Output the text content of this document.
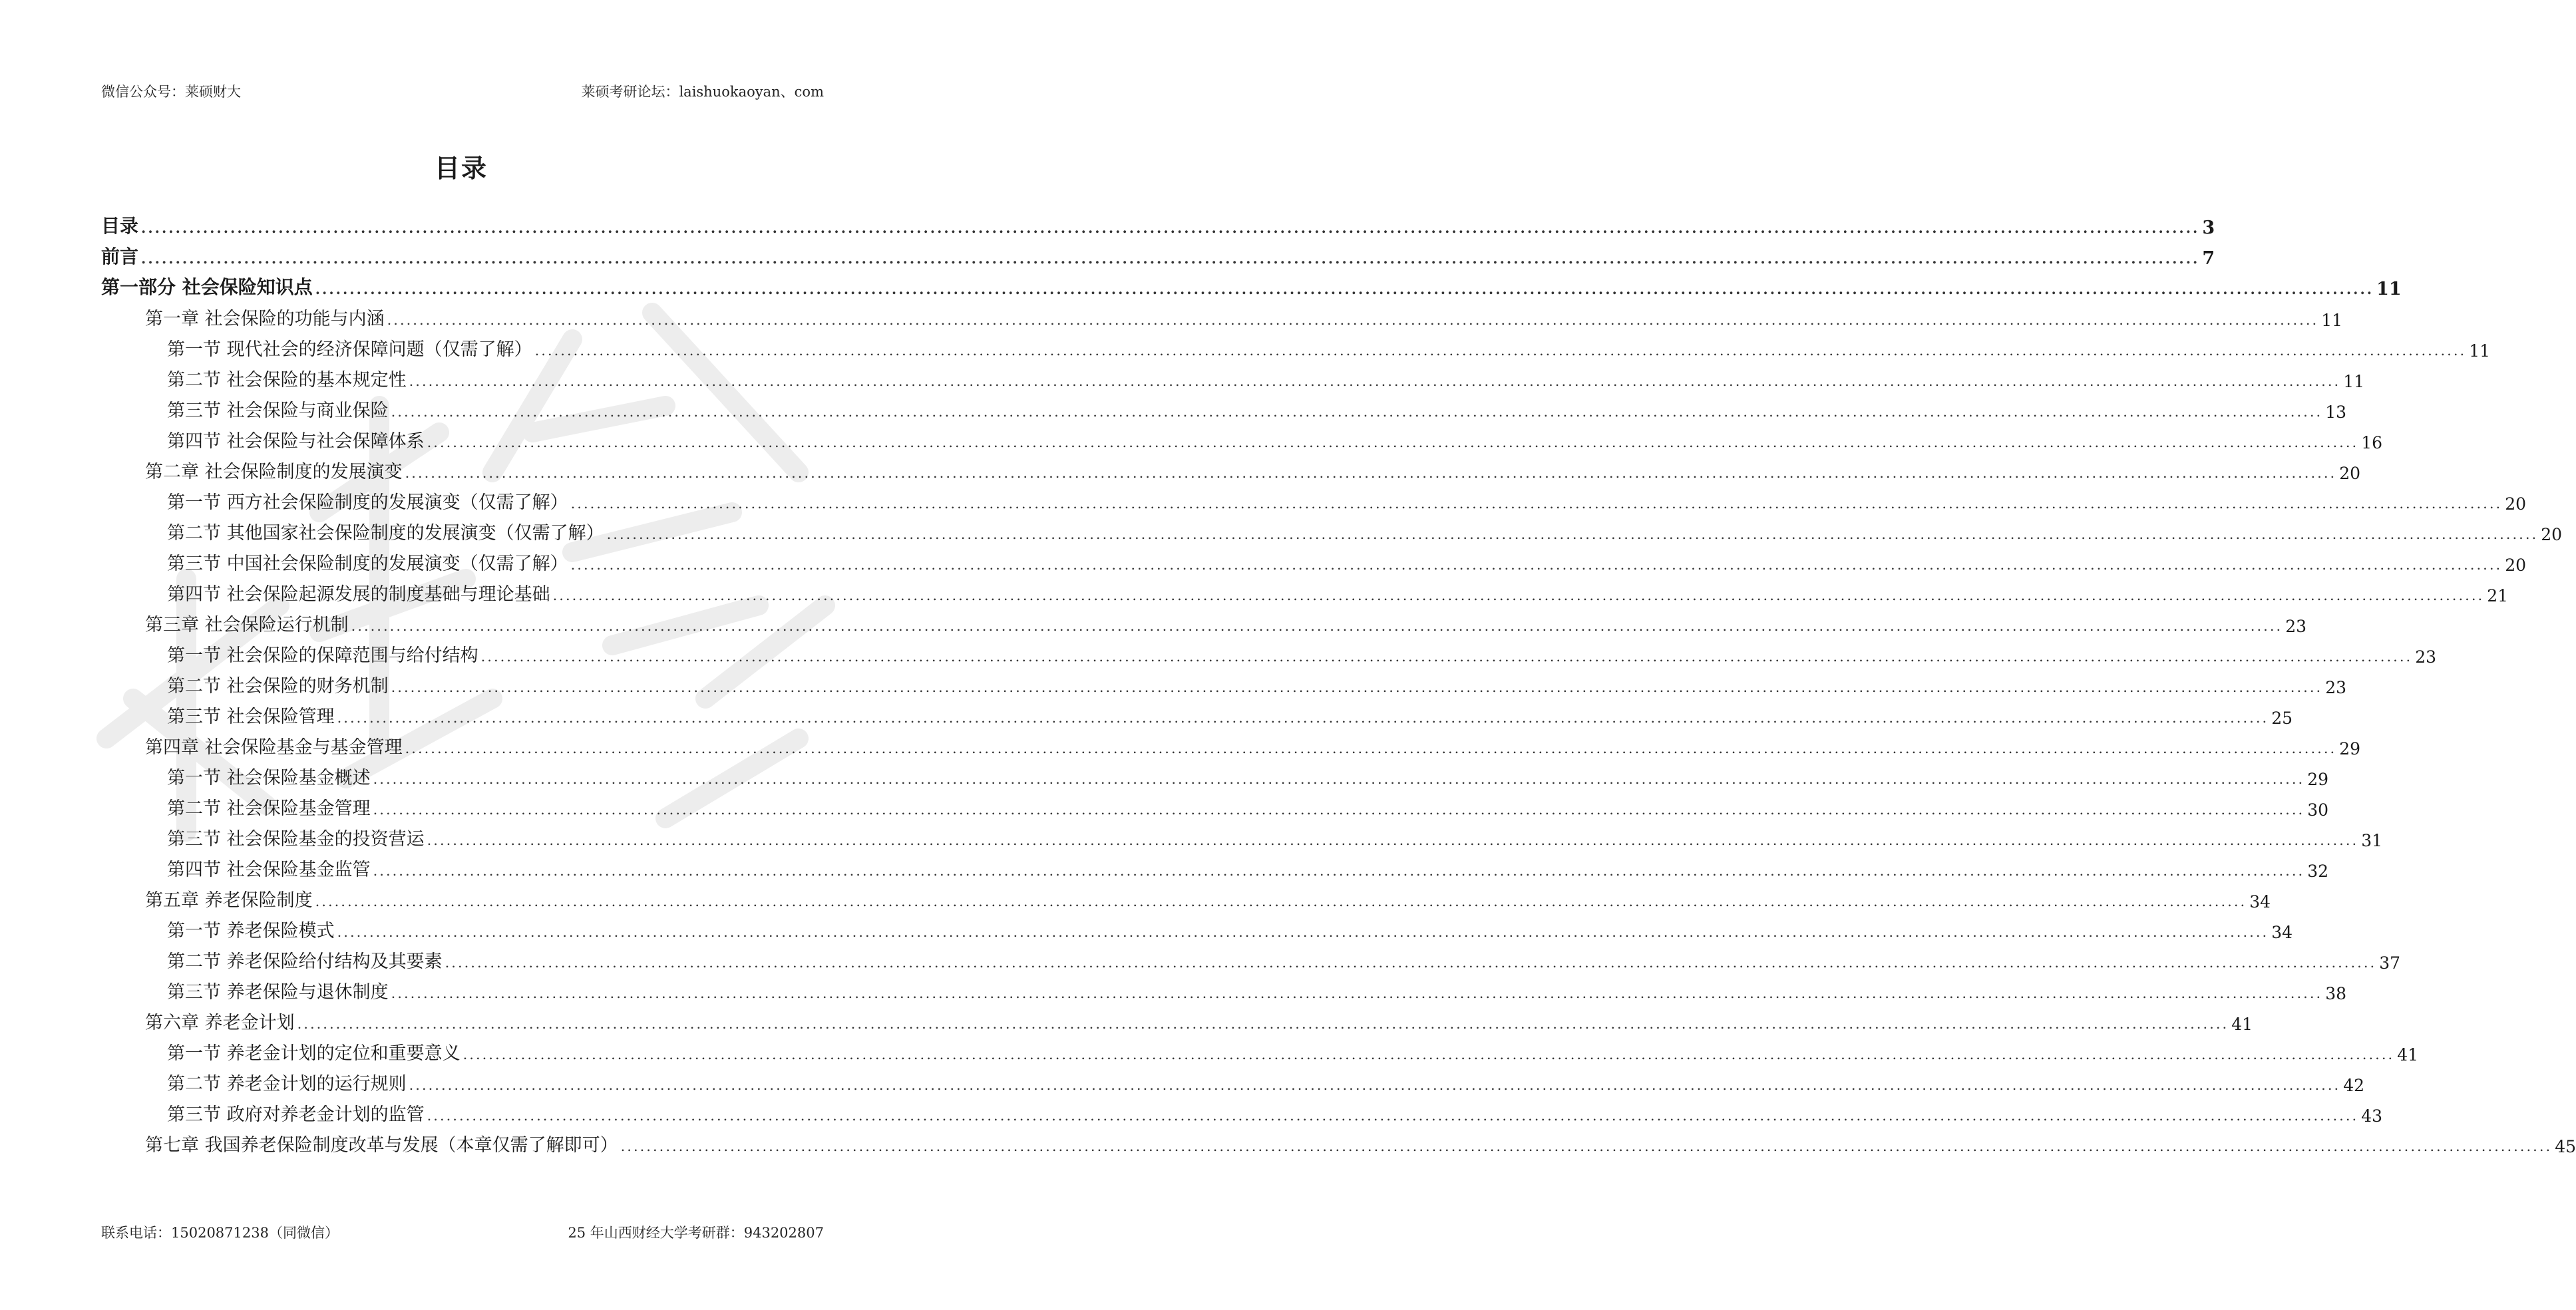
微信公众号：莱硕财大	莱硕考研论坛：laishuokaoyan、com
目录
目录 ............................................................................................................................................................................................................................................................................................................ 3
前言 ............................................................................................................................................................................................................................................................................................................ 7
第一部分 社会保险知识点 ............................................................................................................................................................................................................................................................................................................ 11
第一章 社会保险的功能与内涵 ............................................................................................................................................................................................................................................................................................................ 11
第一节 现代社会的经济保障问题（仅需了解） ............................................................................................................................................................................................................................................................................................................ 11
第二节 社会保险的基本规定性 ............................................................................................................................................................................................................................................................................................................ 11
第三节 社会保险与商业保险 ............................................................................................................................................................................................................................................................................................................ 13
第四节 社会保险与社会保障体系 ............................................................................................................................................................................................................................................................................................................ 16
第二章 社会保险制度的发展演变 ............................................................................................................................................................................................................................................................................................................ 20
第一节 西方社会保险制度的发展演变（仅需了解） ............................................................................................................................................................................................................................................................................................................ 20
第二节 其他国家社会保险制度的发展演变（仅需了解） ............................................................................................................................................................................................................................................................................................................ 20
第三节 中国社会保险制度的发展演变（仅需了解） ............................................................................................................................................................................................................................................................................................................ 20
第四节 社会保险起源发展的制度基础与理论基础 ............................................................................................................................................................................................................................................................................................................ 21
第三章 社会保险运行机制 ............................................................................................................................................................................................................................................................................................................ 23
第一节 社会保险的保障范围与给付结构 ............................................................................................................................................................................................................................................................................................................ 23
第二节 社会保险的财务机制 ............................................................................................................................................................................................................................................................................................................ 23
第三节 社会保险管理 ............................................................................................................................................................................................................................................................................................................ 25
第四章 社会保险基金与基金管理 ............................................................................................................................................................................................................................................................................................................ 29
第一节 社会保险基金概述 ............................................................................................................................................................................................................................................................................................................ 29
第二节 社会保险基金管理 ............................................................................................................................................................................................................................................................................................................ 30
第三节 社会保险基金的投资营运 ............................................................................................................................................................................................................................................................................................................ 31
第四节 社会保险基金监管 ............................................................................................................................................................................................................................................................................................................ 32
第五章 养老保险制度 ............................................................................................................................................................................................................................................................................................................ 34
第一节 养老保险模式 ............................................................................................................................................................................................................................................................................................................ 34
第二节 养老保险给付结构及其要素 ............................................................................................................................................................................................................................................................................................................ 37
第三节 养老保险与退休制度 ............................................................................................................................................................................................................................................................................................................ 38
第六章 养老金计划 ............................................................................................................................................................................................................................................................................................................ 41
第一节 养老金计划的定位和重要意义 ............................................................................................................................................................................................................................................................................................................ 41
第二节 养老金计划的运行规则 ............................................................................................................................................................................................................................................................................................................ 42
第三节 政府对养老金计划的监管 ............................................................................................................................................................................................................................................................................................................ 43
第七章 我国养老保险制度改革与发展（本章仅需了解即可） ............................................................................................................................................................................................................................................................................................................ 45
联系电话：15020871238（同微信）	25 年山西财经大学考研群：943202807
